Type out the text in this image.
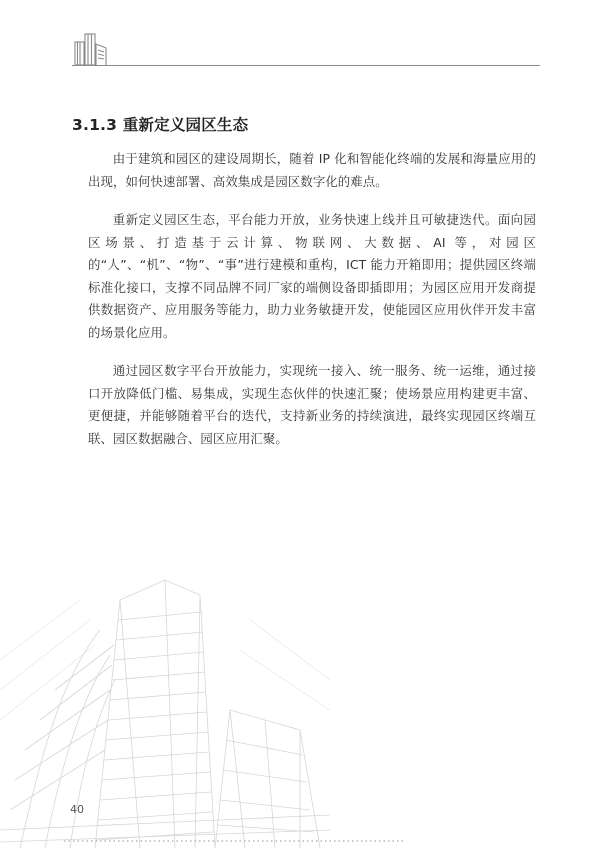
3.1.3 重新定义园区生态

由于建筑和园区的建设周期长，随着 IP 化和智能化终端的发展和海量应用的出现，如何快速部署、高效集成是园区数字化的难点。

重新定义园区生态，平台能力开放，业务快速上线并且可敏捷迭代。面向园区场景、打造基于云计算、物联网、大数据、AI 等，对园区的“人”、“机”、“物”、“事”进行建模和重构，ICT 能力开箱即用；提供园区终端标准化接口，支撑不同品牌不同厂家的端侧设备即插即用；为园区应用开发商提供数据资产、应用服务等能力，助力业务敏捷开发，使能园区应用伙伴开发丰富的场景化应用。

通过园区数字平台开放能力，实现统一接入、统一服务、统一运维，通过接口开放降低门槛、易集成，实现生态伙伴的快速汇聚；使场景应用构建更丰富、更便捷，并能够随着平台的迭代，支持新业务的持续演进，最终实现园区终端互联、园区数据融合、园区应用汇聚。

40
